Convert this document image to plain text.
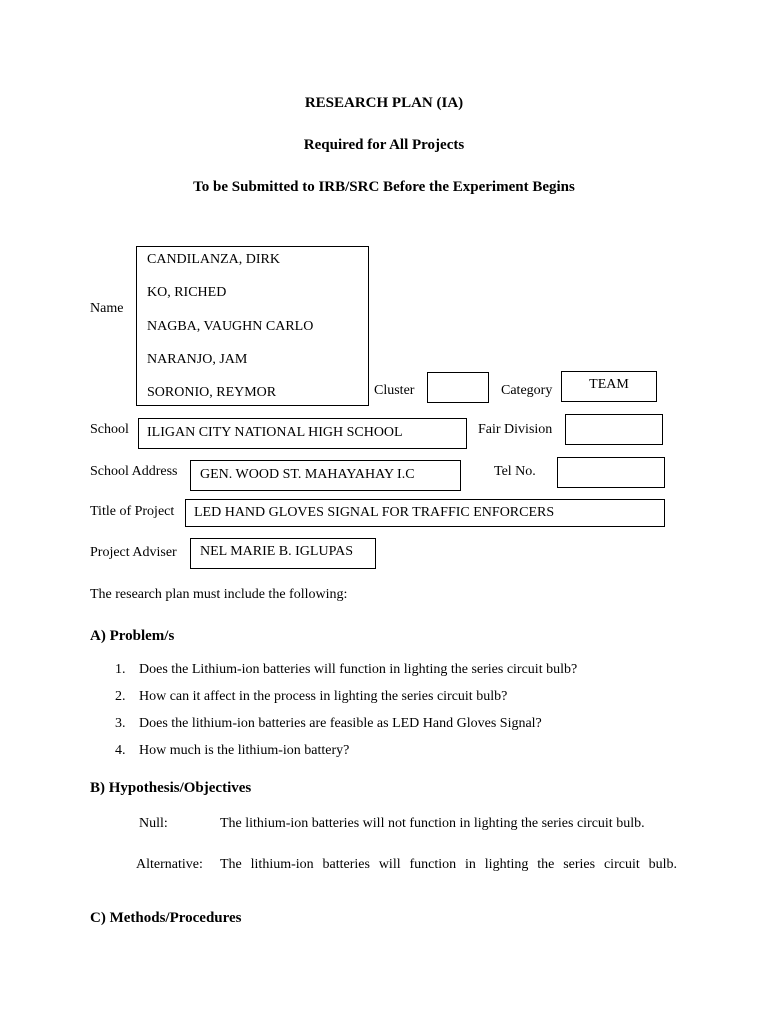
RESEARCH PLAN (IA)
Required for All Projects
To be Submitted to IRB/SRC Before the Experiment Begins
Name
CANDILANZA, DIRK
KO, RICHED
NAGBA, VAUGHN CARLO
NARANJO, JAM
SORONIO, REYMOR	Cluster	Category	TEAM
School ILIGAN CITY NATIONAL HIGH SCHOOL	Fair Division
School Address GEN. WOOD ST. MAHAYAHAY I.C	Tel No.
Title of Project LED HAND GLOVES SIGNAL FOR TRAFFIC ENFORCERS
Project Adviser NEL MARIE B. IGLUPAS
The research plan must include the following:
A) Problem/s
1. Does the Lithium-ion batteries will function in lighting the series circuit bulb?
2. How can it affect in the process in lighting the series circuit bulb?
3. Does the lithium-ion batteries are feasible as LED Hand Gloves Signal?
4. How much is the lithium-ion battery?
B) Hypothesis/Objectives
Null:	The lithium-ion batteries will not function in lighting the series circuit bulb.
Alternative: The lithium-ion batteries will function in lighting the series circuit bulb.
C) Methods/Procedures
